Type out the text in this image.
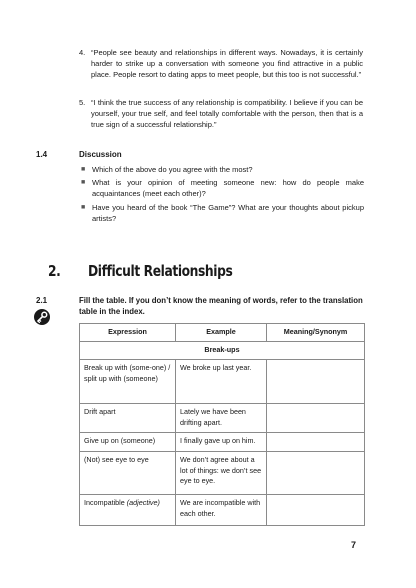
4. “People see beauty and relationships in different ways. Nowadays, it is certainly harder to strike up a conversation with someone you find attractive in a public place. People resort to dating apps to meet people, but this too is not successful.”
5. “I think the true success of any relationship is compatibility. I believe if you can be yourself, your true self, and feel totally comfortable with the person, then that is a true sign of a successful relationship.”
1.4	Discussion
■ Which of the above do you agree with the most?
■ What is your opinion of meeting someone new: how do people make acquaintances (meet each other)?
■ Have you heard of the book “The Game”? What are your thoughts about pickup artists?
2. Difficult Relationships
2.1	Fill the table. If you don’t know the meaning of words, refer to the translation table in the index.
Expression	Example	Meaning/Synonym
Break-ups		
Break up with (some-one) / split up with (someone)	We broke up last year.	
Drift apart	Lately we have been drifting apart.	
Give up on (someone)	I finally gave up on him.	
(Not) see eye to eye	We don’t agree about a lot of things: we don’t see eye to eye.	
Incompatible (adjective)	We are incompatible with each other.	
7
